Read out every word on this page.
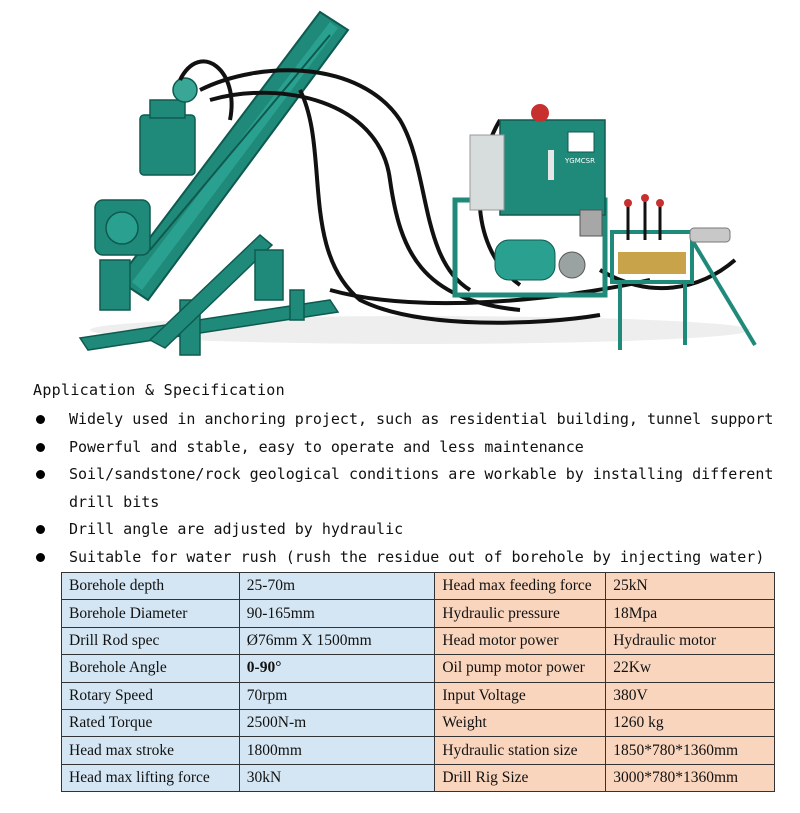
YGMCSR
Application & Specification
Widely used in anchoring project, such as residential building, tunnel support
Powerful and stable, easy to operate and less maintenance
Soil/sandstone/rock geological conditions are workable by installing different drill bits
Drill angle are adjusted by hydraulic
Suitable for water rush (rush the residue out of borehole by injecting water)
Borehole depth	25-70m	Head max feeding force	25kN
Borehole Diameter	90-165mm	Hydraulic pressure	18Mpa
Drill Rod spec	Ø76mm X 1500mm	Head motor power	Hydraulic motor
Borehole Angle	0-90°	Oil pump motor power	22Kw
Rotary Speed	70rpm	Input Voltage	380V
Rated Torque	2500N-m	Weight	1260 kg
Head max stroke	1800mm	Hydraulic station size	1850*780*1360mm
Head max lifting force	30kN	Drill Rig Size	3000*780*1360mm
